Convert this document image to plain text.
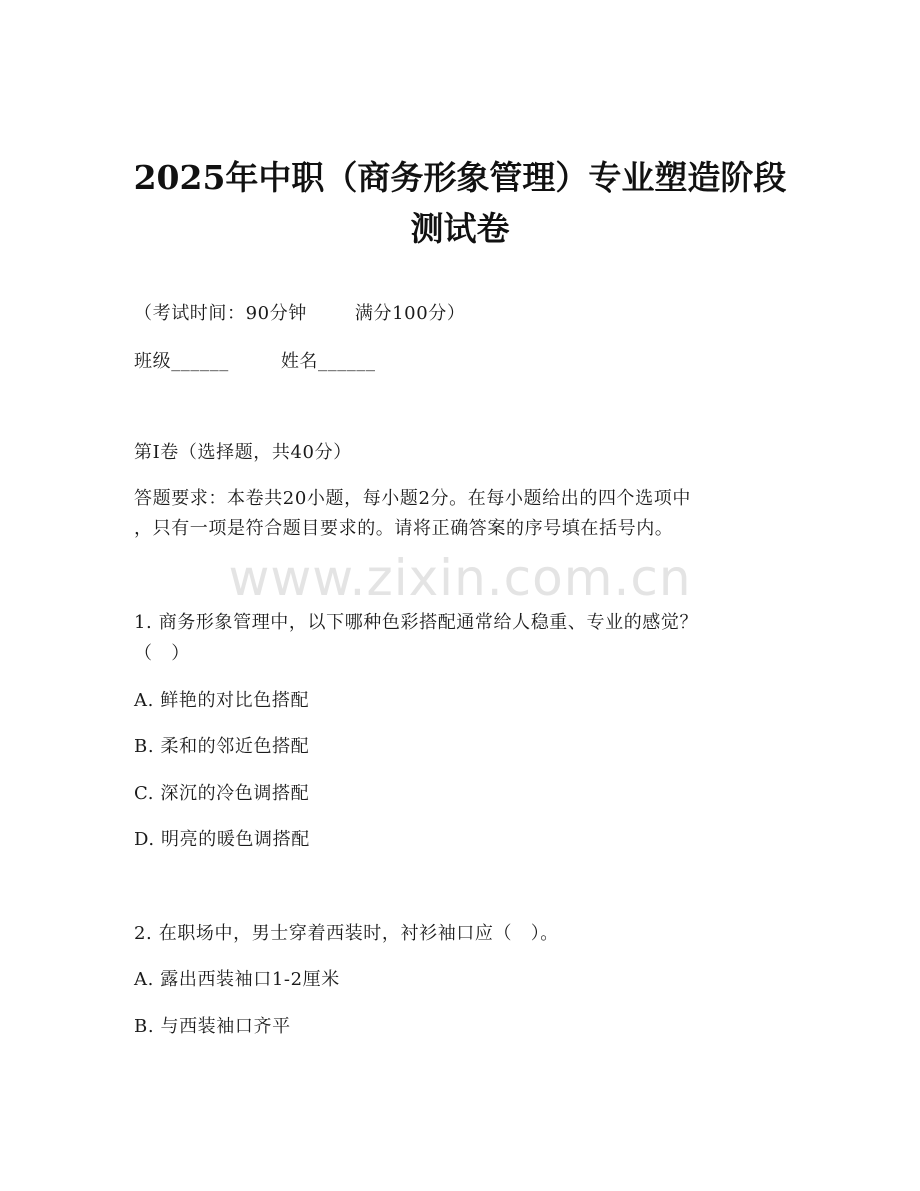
2025年中职（商务形象管理）专业塑造阶段
测试卷
（考试时间：90分钟	满分100分）
班级______	姓名______
第I卷（选择题，共40分）
答题要求：本卷共20小题，每小题2分。在每小题给出的四个选项中
，只有一项是符合题目要求的。请将正确答案的序号填在括号内。
www.zixin.com.cn
1. 商务形象管理中，以下哪种色彩搭配通常给人稳重、专业的感觉？
（　）
A. 鲜艳的对比色搭配
B. 柔和的邻近色搭配
C. 深沉的冷色调搭配
D. 明亮的暖色调搭配
2. 在职场中，男士穿着西装时，衬衫袖口应（　）。
A. 露出西装袖口1-2厘米
B. 与西装袖口齐平
